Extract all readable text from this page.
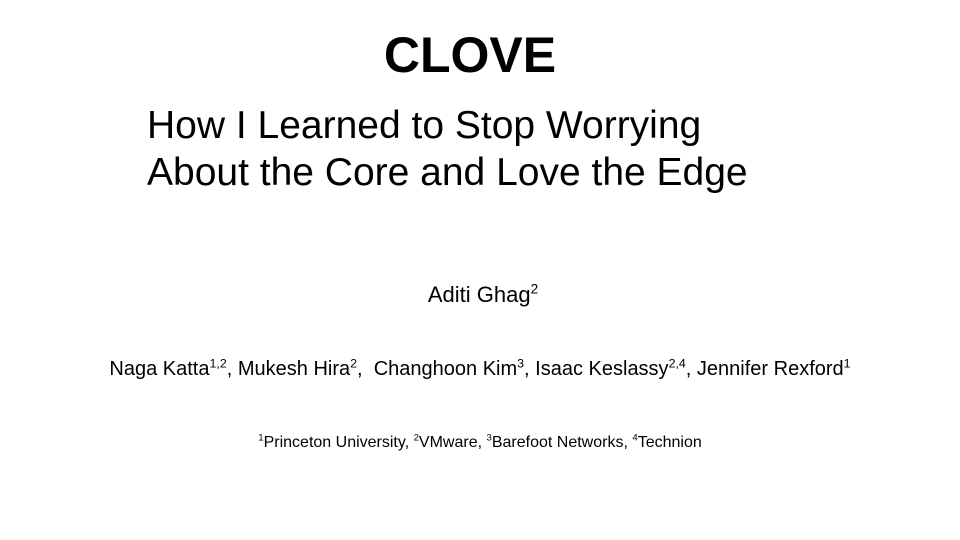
CLOVE
How I Learned to Stop Worrying
About the Core and Love the Edge
Aditi Ghag$^2$
Naga Katta$^{1,2}$, Mukesh Hira$^2$,  Changhoon Kim$^3$, Isaac Keslassy$^{2,4}$, Jennifer Rexford$^1$
$^1$Princeton University, $^2$VMware, $^3$Barefoot Networks, $^4$Technion
